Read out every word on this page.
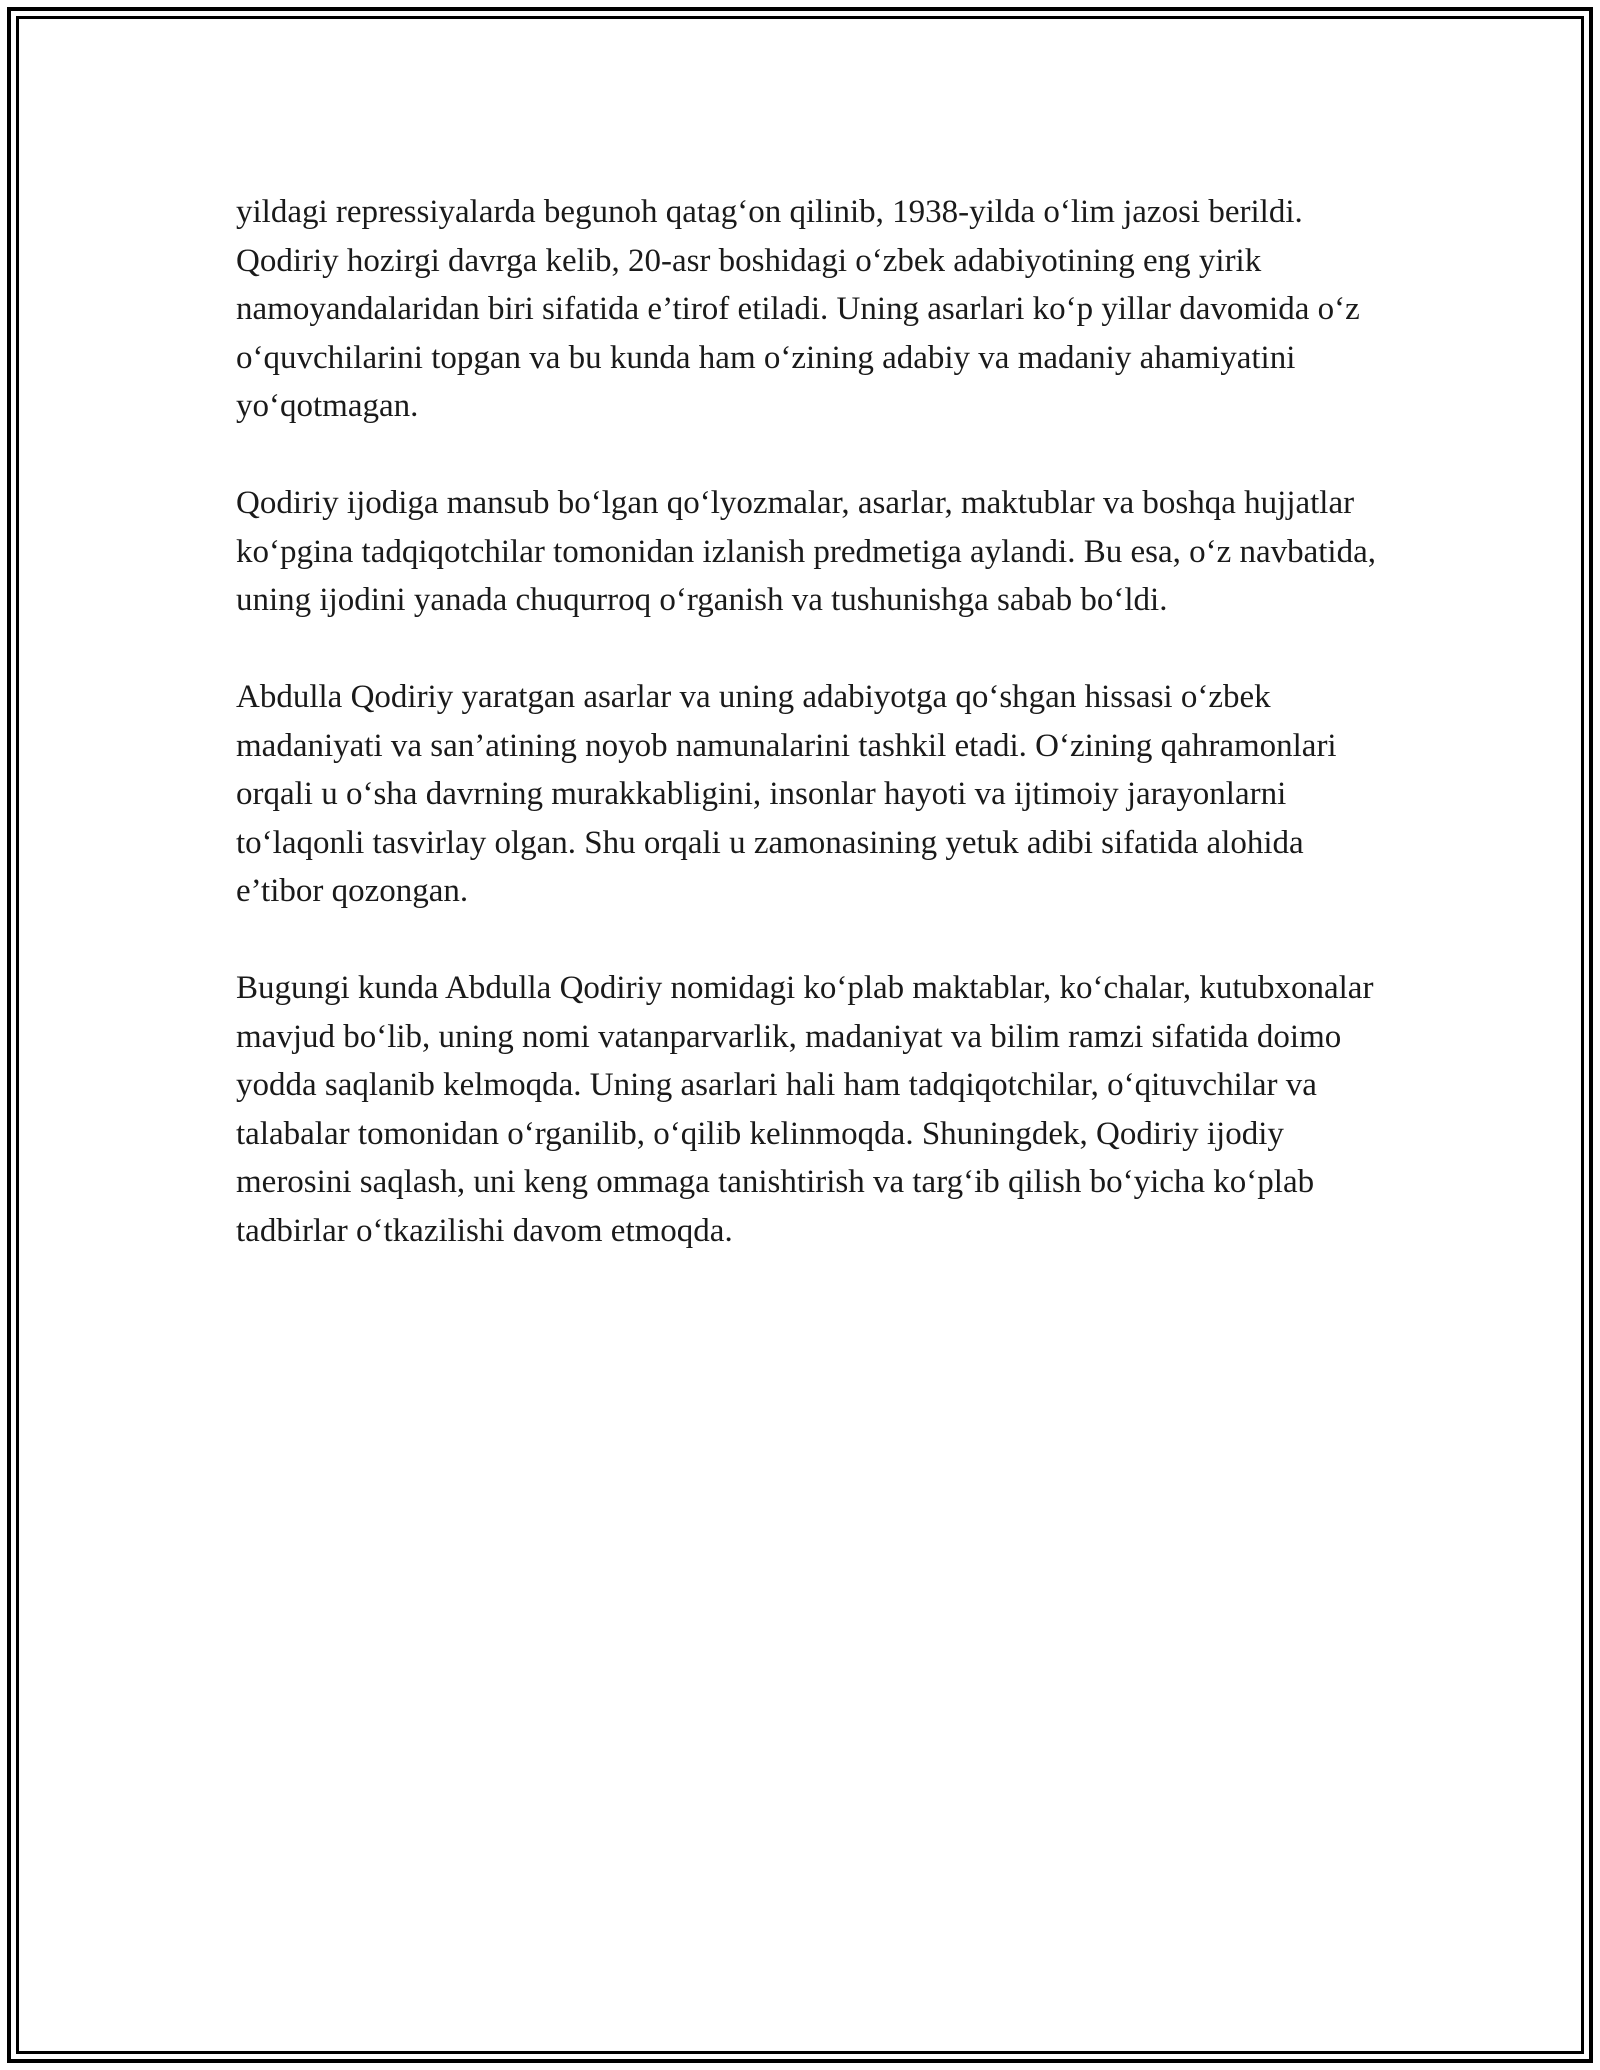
yildagi repressiyalarda begunoh qatag‘on qilinib, 1938-yilda o‘lim jazosi berildi. Qodiriy hozirgi davrga kelib, 20-asr boshidagi o‘zbek adabiyotining eng yirik namoyandalaridan biri sifatida e’tirof etiladi. Uning asarlari ko‘p yillar davomida o‘z o‘quvchilarini topgan va bu kunda ham o‘zining adabiy va madaniy ahamiyatini yo‘qotmagan.

Qodiriy ijodiga mansub bo‘lgan qo‘lyozmalar, asarlar, maktublar va boshqa hujjatlar ko‘pgina tadqiqotchilar tomonidan izlanish predmetiga aylandi. Bu esa, o‘z navbatida, uning ijodini yanada chuqurroq o‘rganish va tushunishga sabab bo‘ldi.

Abdulla Qodiriy yaratgan asarlar va uning adabiyotga qo‘shgan hissasi o‘zbek madaniyati va san’atining noyob namunalarini tashkil etadi. O‘zining qahramonlari orqali u o‘sha davrning murakkabligini, insonlar hayoti va ijtimoiy jarayonlarni to‘laqonli tasvirlay olgan. Shu orqali u zamonasining yetuk adibi sifatida alohida e’tibor qozongan.

Bugungi kunda Abdulla Qodiriy nomidagi ko‘plab maktablar, ko‘chalar, kutubxonalar mavjud bo‘lib, uning nomi vatanparvarlik, madaniyat va bilim ramzi sifatida doimo yodda saqlanib kelmoqda. Uning asarlari hali ham tadqiqotchilar, o‘qituvchilar va talabalar tomonidan o‘rganilib, o‘qilib kelinmoqda. Shuningdek, Qodiriy ijodiy merosini saqlash, uni keng ommaga tanishtirish va targ‘ib qilish bo‘yicha ko‘plab tadbirlar o‘tkazilishi davom etmoqda.
